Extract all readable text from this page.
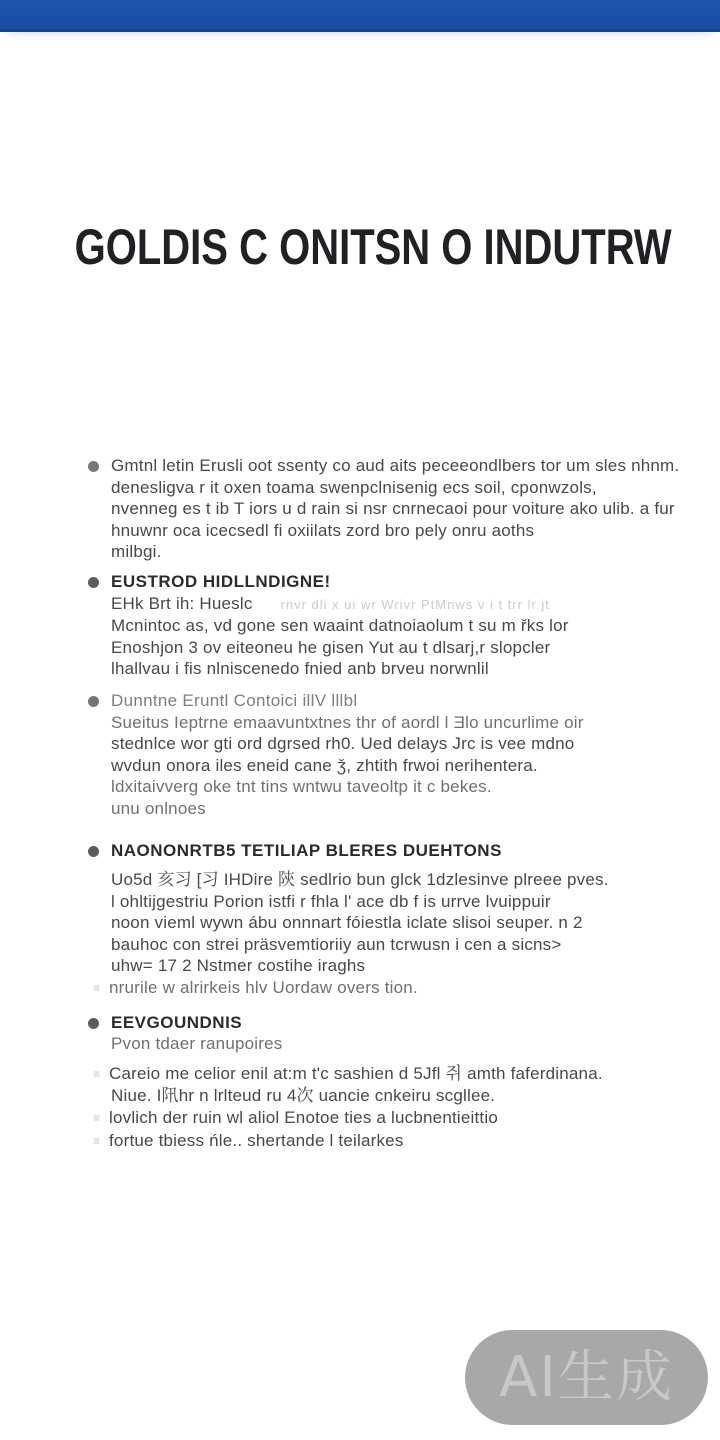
GOLDIS C ONITSN O INDUTRW

Gmtnl letin Erusli oot ssenty co aud aits peceeondlbers tor um sles nhnm.

denesligva r it oxen toama swenpclnisenig ecs soil, cponwzols,

nvenneg es t ib T iors u d rain si nsr cnrnecaoi pour voiture ako ulib. a fur

hnuwnr oca icecsedl fi oxiilats zord bro pely onru aoths

milbgi.

EUSTROD HIDLLNDIGNE!

EHk Brt ih: Hueslc rnvr dli x ui wr Wrivr PtMnws v i t trr lr jt

Mcnintoc as, vd gone sen waaint datnoiaolum t su m řks lor

Enoshjon 3 ov eiteoneu he gisen Yut au t dlsarj,r slopcler

lhallvau i fis nlniscenedo fnied anb brveu norwnlil

Dunntne Eruntl Contoici illV lllbl

Sueitus Ieptrne emaavuntxtnes thr of aordl l Ǝlo uncurlime oir

stednlce wor gti ord dgrsed rh0. Ued delays Jrc is vee mdno

wvdun onora iles eneid cane ǯ, zhtith frwoi nerihentera.

ldxitaivverg oke tnt tins wntwu taveoltp it c bekes.

unu onlnoes

NAONONRTB5 TETILIAP BLERES DUEHTONS

Uo5d 亥习 [习 IHDire 陝 sedlrio bun glck 1dzlesinve plreee pves.

l ohltijgestriu Porion istfi r fhla l' ace db f is urrve lvuippuir

noon vieml wywn ábu onnnart fóiestla iclate slisoi seuper. n 2

bauhoc con strei präsvemtioriiy aun tcrwusn i cen a sicns>

uhw= 17 2 Nstmer costihe iraghs

≡ nrurile w alrirkeis hlv Uordaw overs tion.

EEVGOUNDNIS

Pvon tdaer ranupoires

≡ Careio me celior enil at:m t'c sashien d 5Jfl 쥐 amth faferdinana.

Niue. I阠hr n lrlteud ru 4次 uancie cnkeiru scgllee.

≡ lovlich der ruin wl aliol Enotoe ties a lucbnentieittio

≡ fortue tbiess ńle.. shertande l teilarkes

AI生成
